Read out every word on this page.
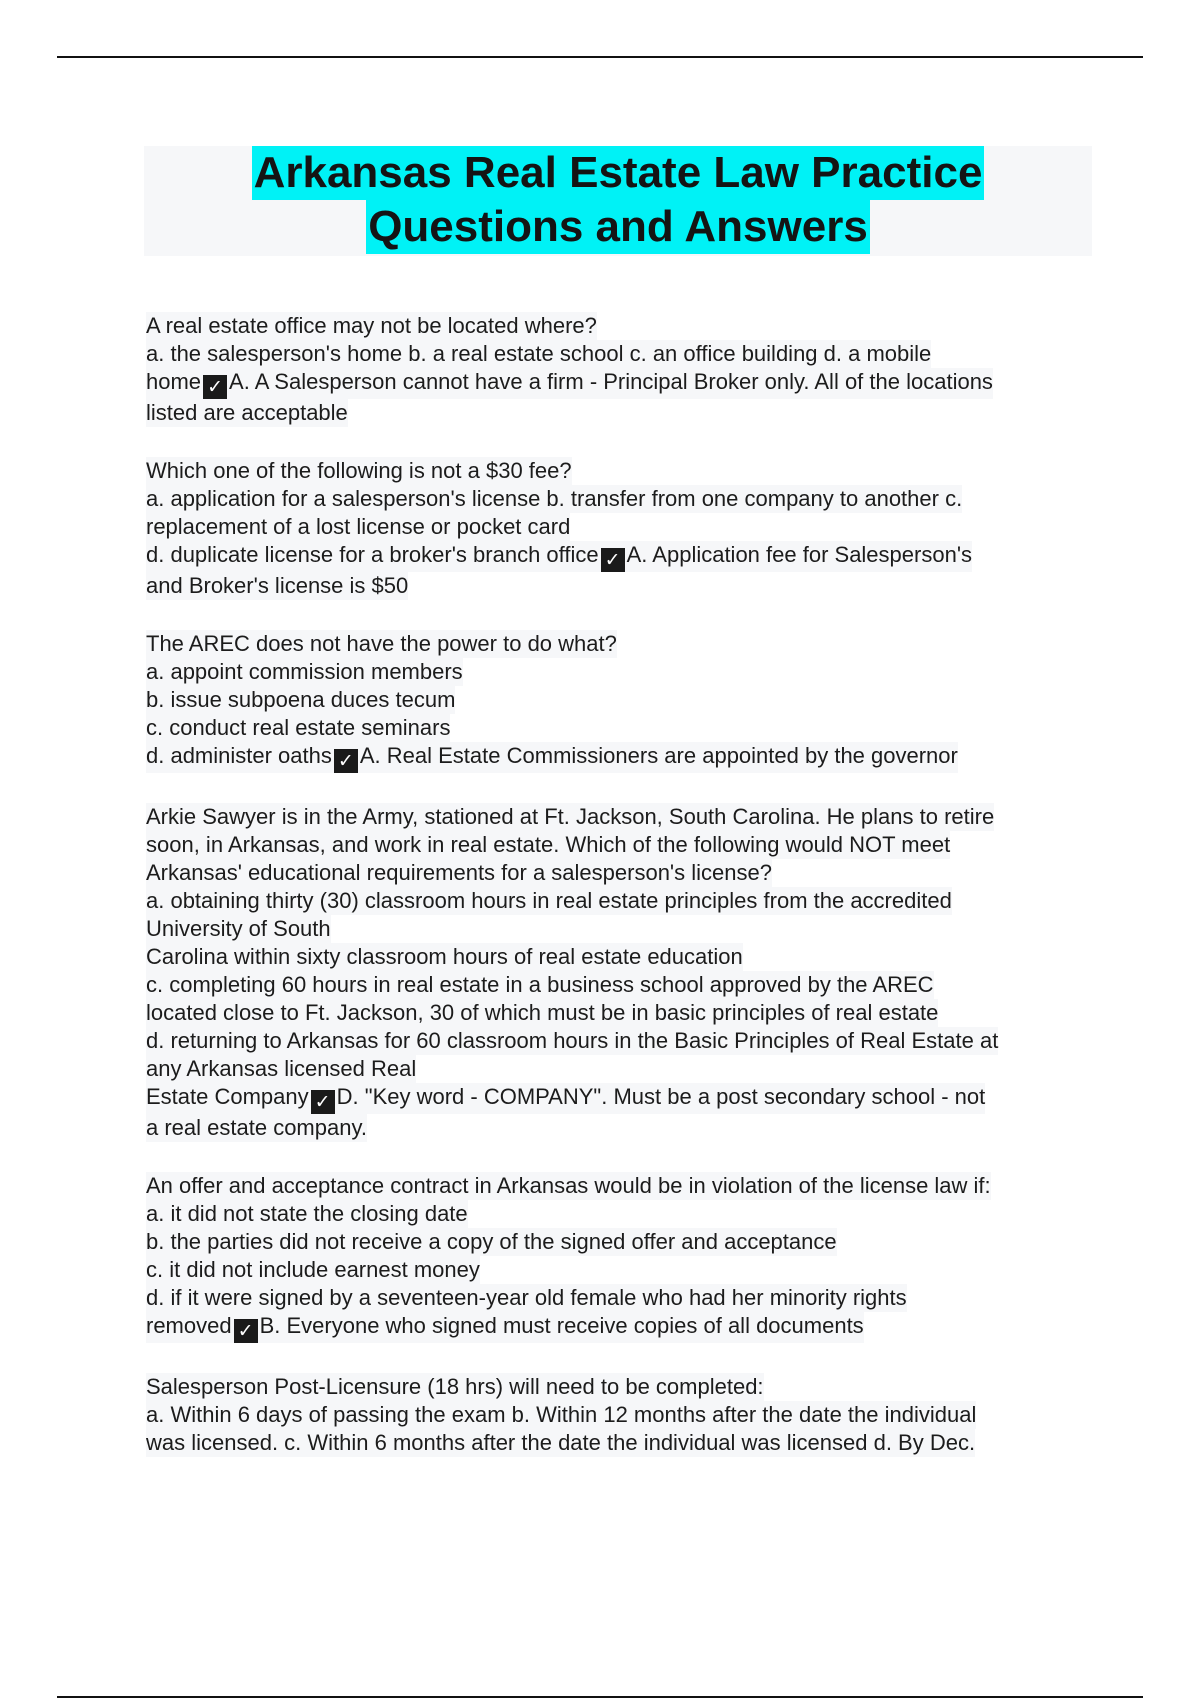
Arkansas Real Estate Law Practice
Questions and Answers

A real estate office may not be located where?

a. the salesperson's home b. a real estate school c. an office building d. a mobile

home ✓ A. A Salesperson cannot have a firm - Principal Broker only. All of the locations

listed are acceptable

Which one of the following is not a $30 fee?

a. application for a salesperson's license b. transfer from one company to another c.

replacement of a lost license or pocket card

d. duplicate license for a broker's branch office ✓ A. Application fee for Salesperson's

and Broker's license is $50

The AREC does not have the power to do what?

a. appoint commission members

b. issue subpoena duces tecum

c. conduct real estate seminars

d. administer oaths ✓ A. Real Estate Commissioners are appointed by the governor

Arkie Sawyer is in the Army, stationed at Ft. Jackson, South Carolina. He plans to retire

soon, in Arkansas, and work in real estate. Which of the following would NOT meet

Arkansas' educational requirements for a salesperson's license?

a. obtaining thirty (30) classroom hours in real estate principles from the accredited

University of South

Carolina within sixty classroom hours of real estate education

c. completing 60 hours in real estate in a business school approved by the AREC

located close to Ft. Jackson, 30 of which must be in basic principles of real estate

d. returning to Arkansas for 60 classroom hours in the Basic Principles of Real Estate at

any Arkansas licensed Real

Estate Company ✓ D. "Key word - COMPANY". Must be a post secondary school - not

a real estate company.

An offer and acceptance contract in Arkansas would be in violation of the license law if:

a. it did not state the closing date

b. the parties did not receive a copy of the signed offer and acceptance

c. it did not include earnest money

d. if it were signed by a seventeen-year old female who had her minority rights

removed ✓ B. Everyone who signed must receive copies of all documents

Salesperson Post-Licensure (18 hrs) will need to be completed:

a. Within 6 days of passing the exam b. Within 12 months after the date the individual

was licensed. c. Within 6 months after the date the individual was licensed d. By Dec.
